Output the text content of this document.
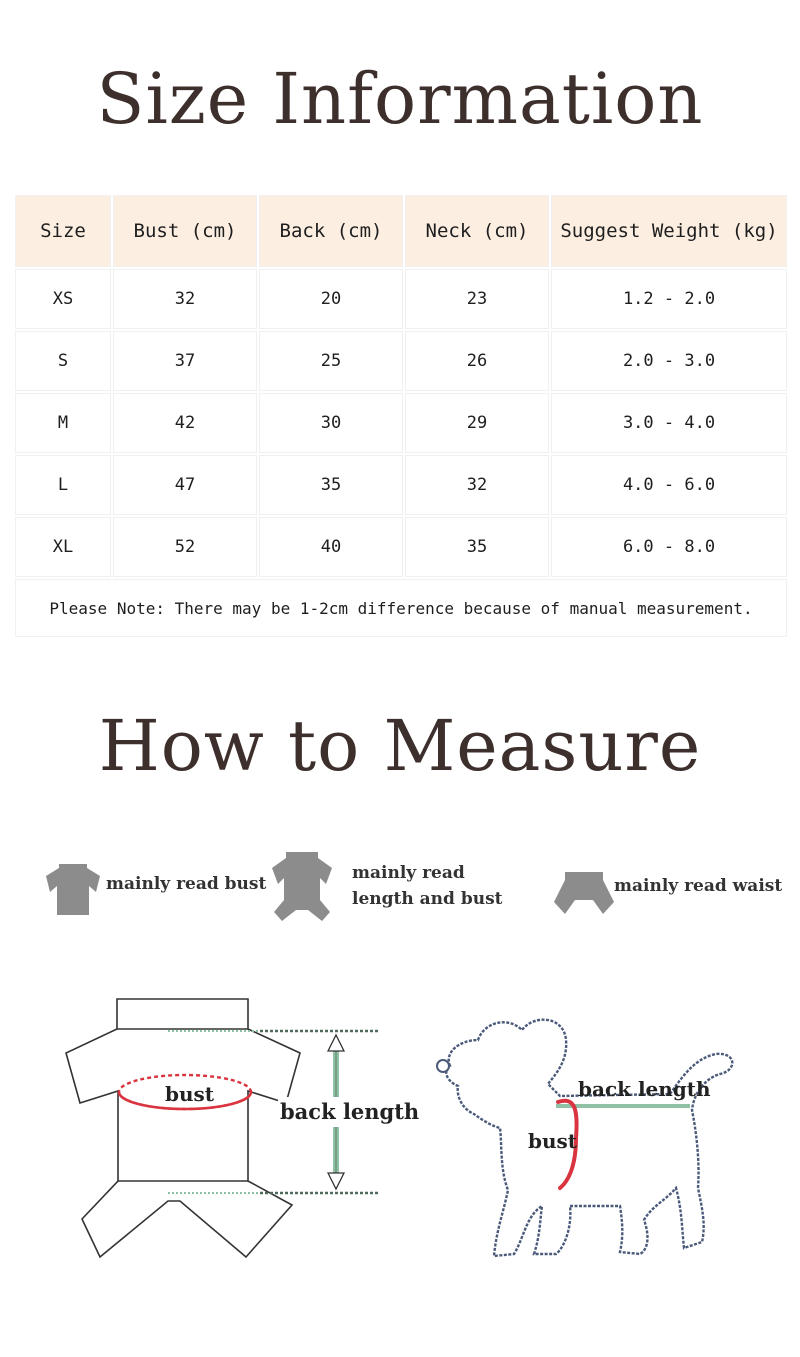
Size Information
Size	Bust (cm)	Back (cm)	Neck (cm)	Suggest Weight (kg)
XS	32	20	23	1.2 - 2.0
S	37	25	26	2.0 - 3.0
M	42	30	29	3.0 - 4.0
L	47	35	32	4.0 - 6.0
XL	52	40	35	6.0 - 8.0
Please Note: There may be 1-2cm difference because of manual measurement.				
How to Measure
mainly read bust
mainly read
length and bust
mainly read waist
bust
back length
back length
bust
